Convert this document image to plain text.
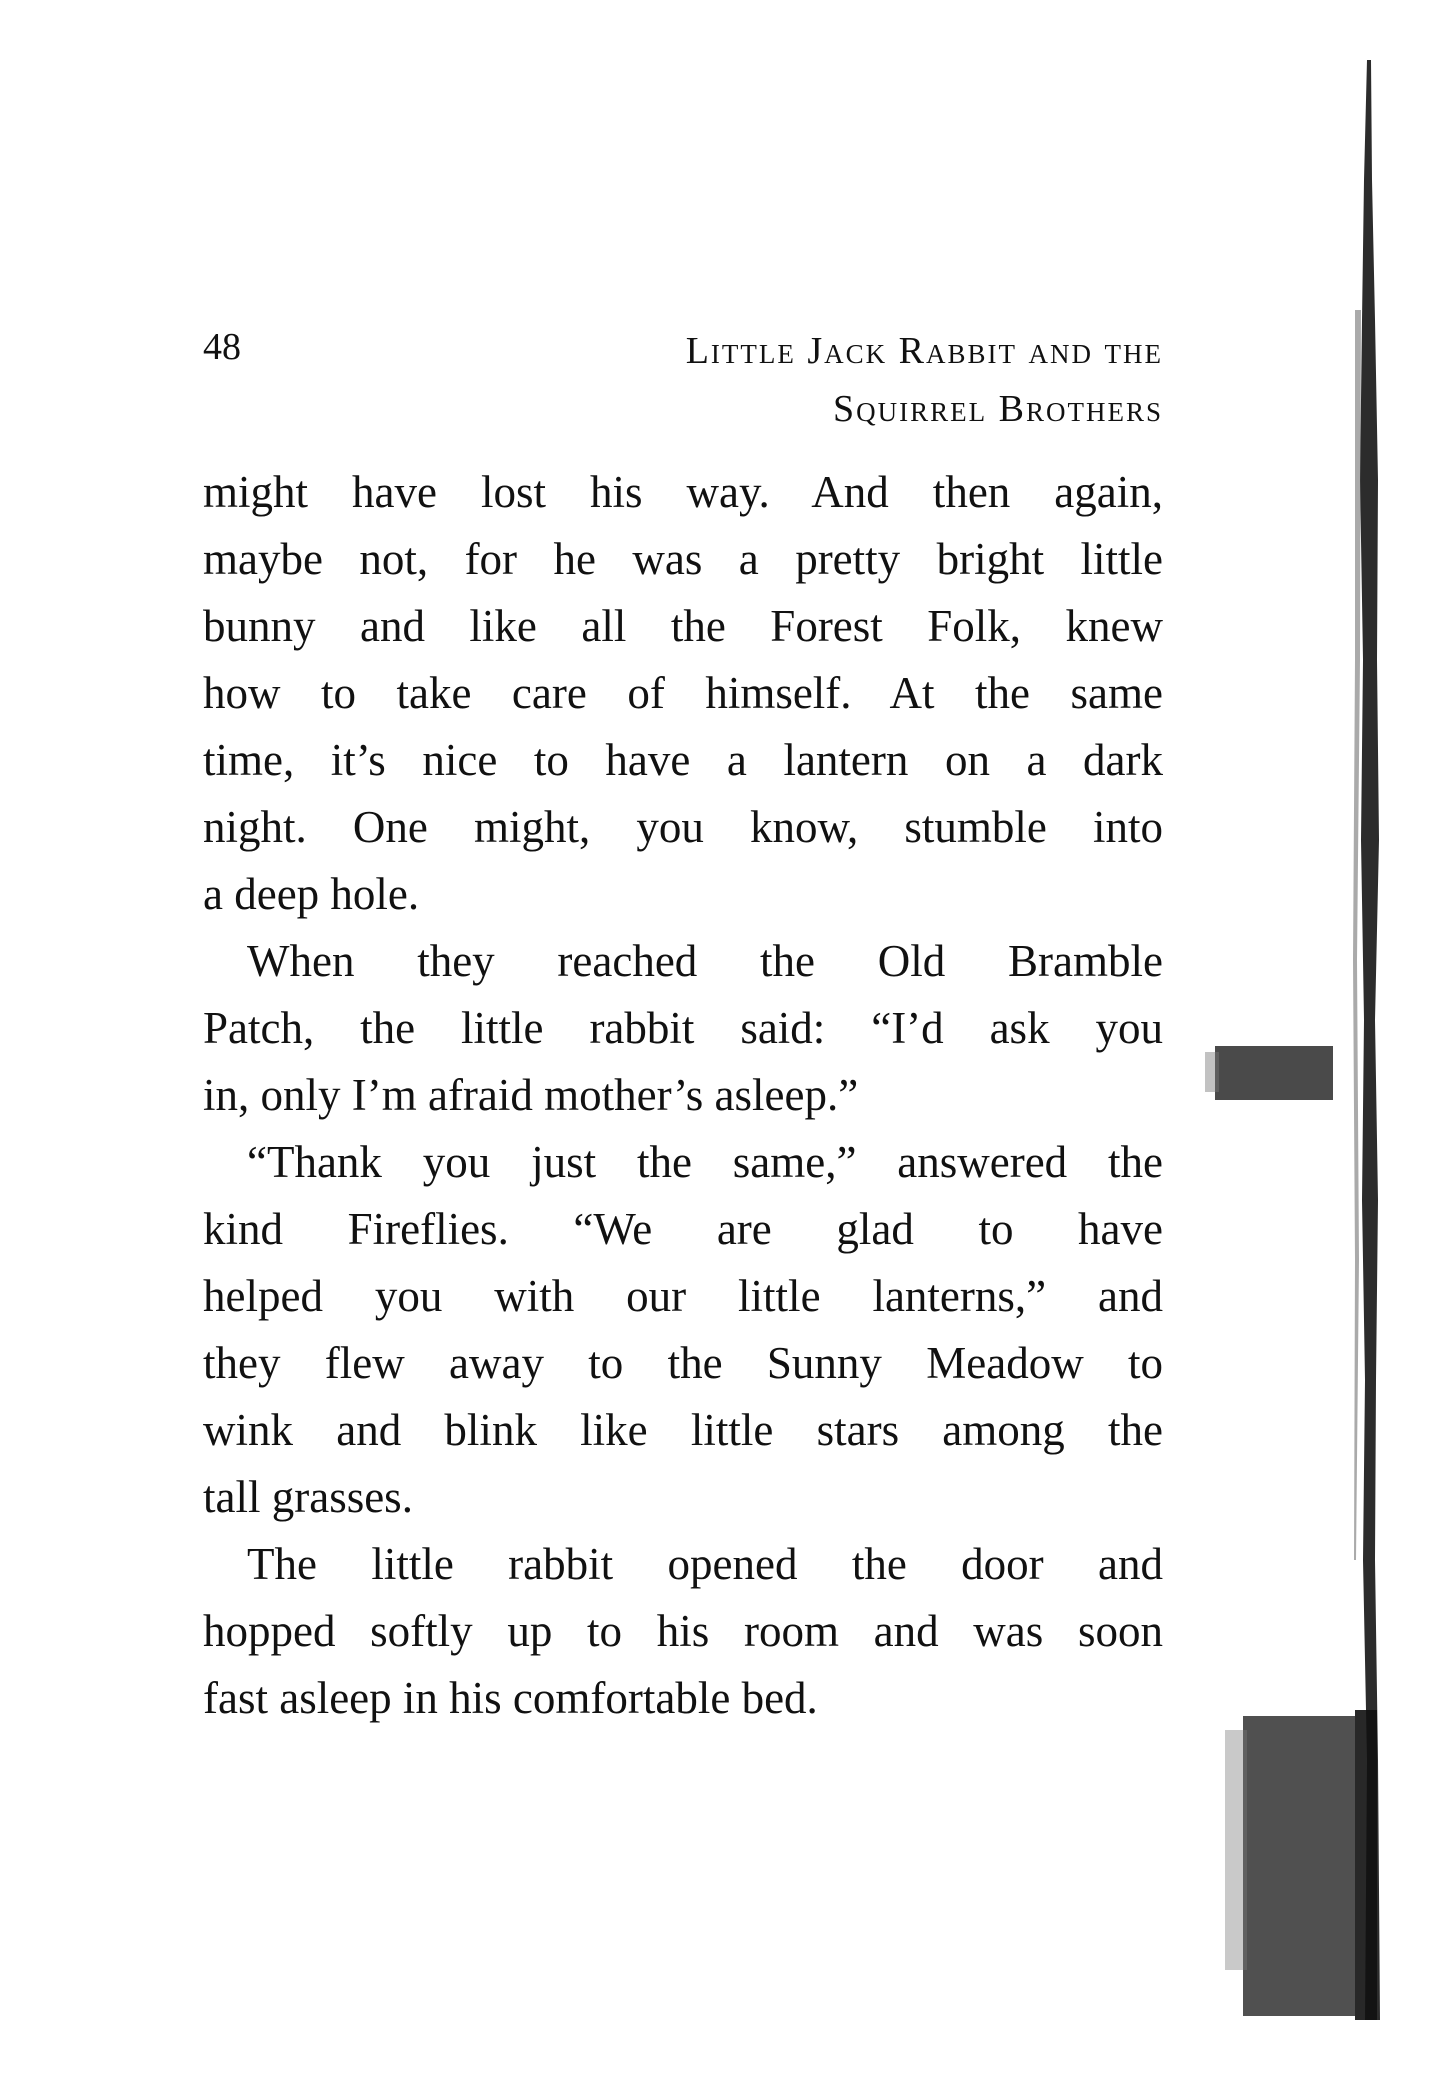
48	Little Jack Rabbit and the
Squirrel Brothers
might have lost his way. And then again,
maybe not, for he was a pretty bright little
bunny and like all the Forest Folk, knew
how to take care of himself. At the same
time, it’s nice to have a lantern on a dark
night. One might, you know, stumble into
a deep hole.
When they reached the Old Bramble
Patch, the little rabbit said: “I’d ask you
in, only I’m afraid mother’s asleep.”
“Thank you just the same,” answered the
kind Fireflies. “We are glad to have
helped you with our little lanterns,” and
they flew away to the Sunny Meadow to
wink and blink like little stars among the
tall grasses.
The little rabbit opened the door and
hopped softly up to his room and was soon
fast asleep in his comfortable bed.
